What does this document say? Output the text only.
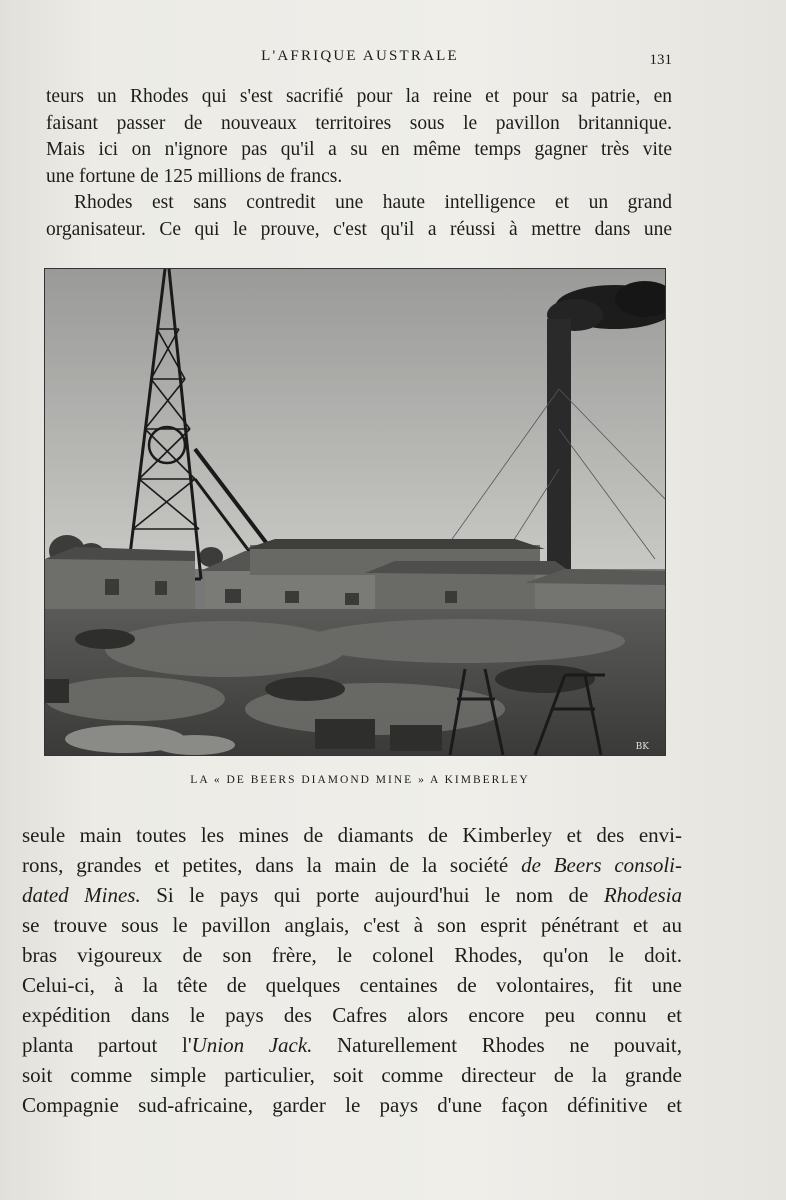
L'AFRIQUE AUSTRALE	131

teurs un Rhodes qui s'est sacrifié pour la reine et pour sa patrie, en
faisant passer de nouveaux territoires sous le pavillon britannique.
Mais ici on n'ignore pas qu'il a su en même temps gagner très vite
une fortune de 125 millions de francs.

Rhodes est sans contredit une haute intelligence et un grand
organisateur. Ce qui le prouve, c'est qu'il a réussi à mettre dans une

BK
LA « DE BEERS DIAMOND MINE » A KIMBERLEY

seule main toutes les mines de diamants de Kimberley et des envi-
rons, grandes et petites, dans la main de la société de Beers consoli-
dated Mines. Si le pays qui porte aujourd'hui le nom de Rhodesia
se trouve sous le pavillon anglais, c'est à son esprit pénétrant et au
bras vigoureux de son frère, le colonel Rhodes, qu'on le doit.
Celui-ci, à la tête de quelques centaines de volontaires, fit une
expédition dans le pays des Cafres alors encore peu connu et
planta partout l'Union Jack. Naturellement Rhodes ne pouvait,
soit comme simple particulier, soit comme directeur de la grande
Compagnie sud-africaine, garder le pays d'une façon définitive et
